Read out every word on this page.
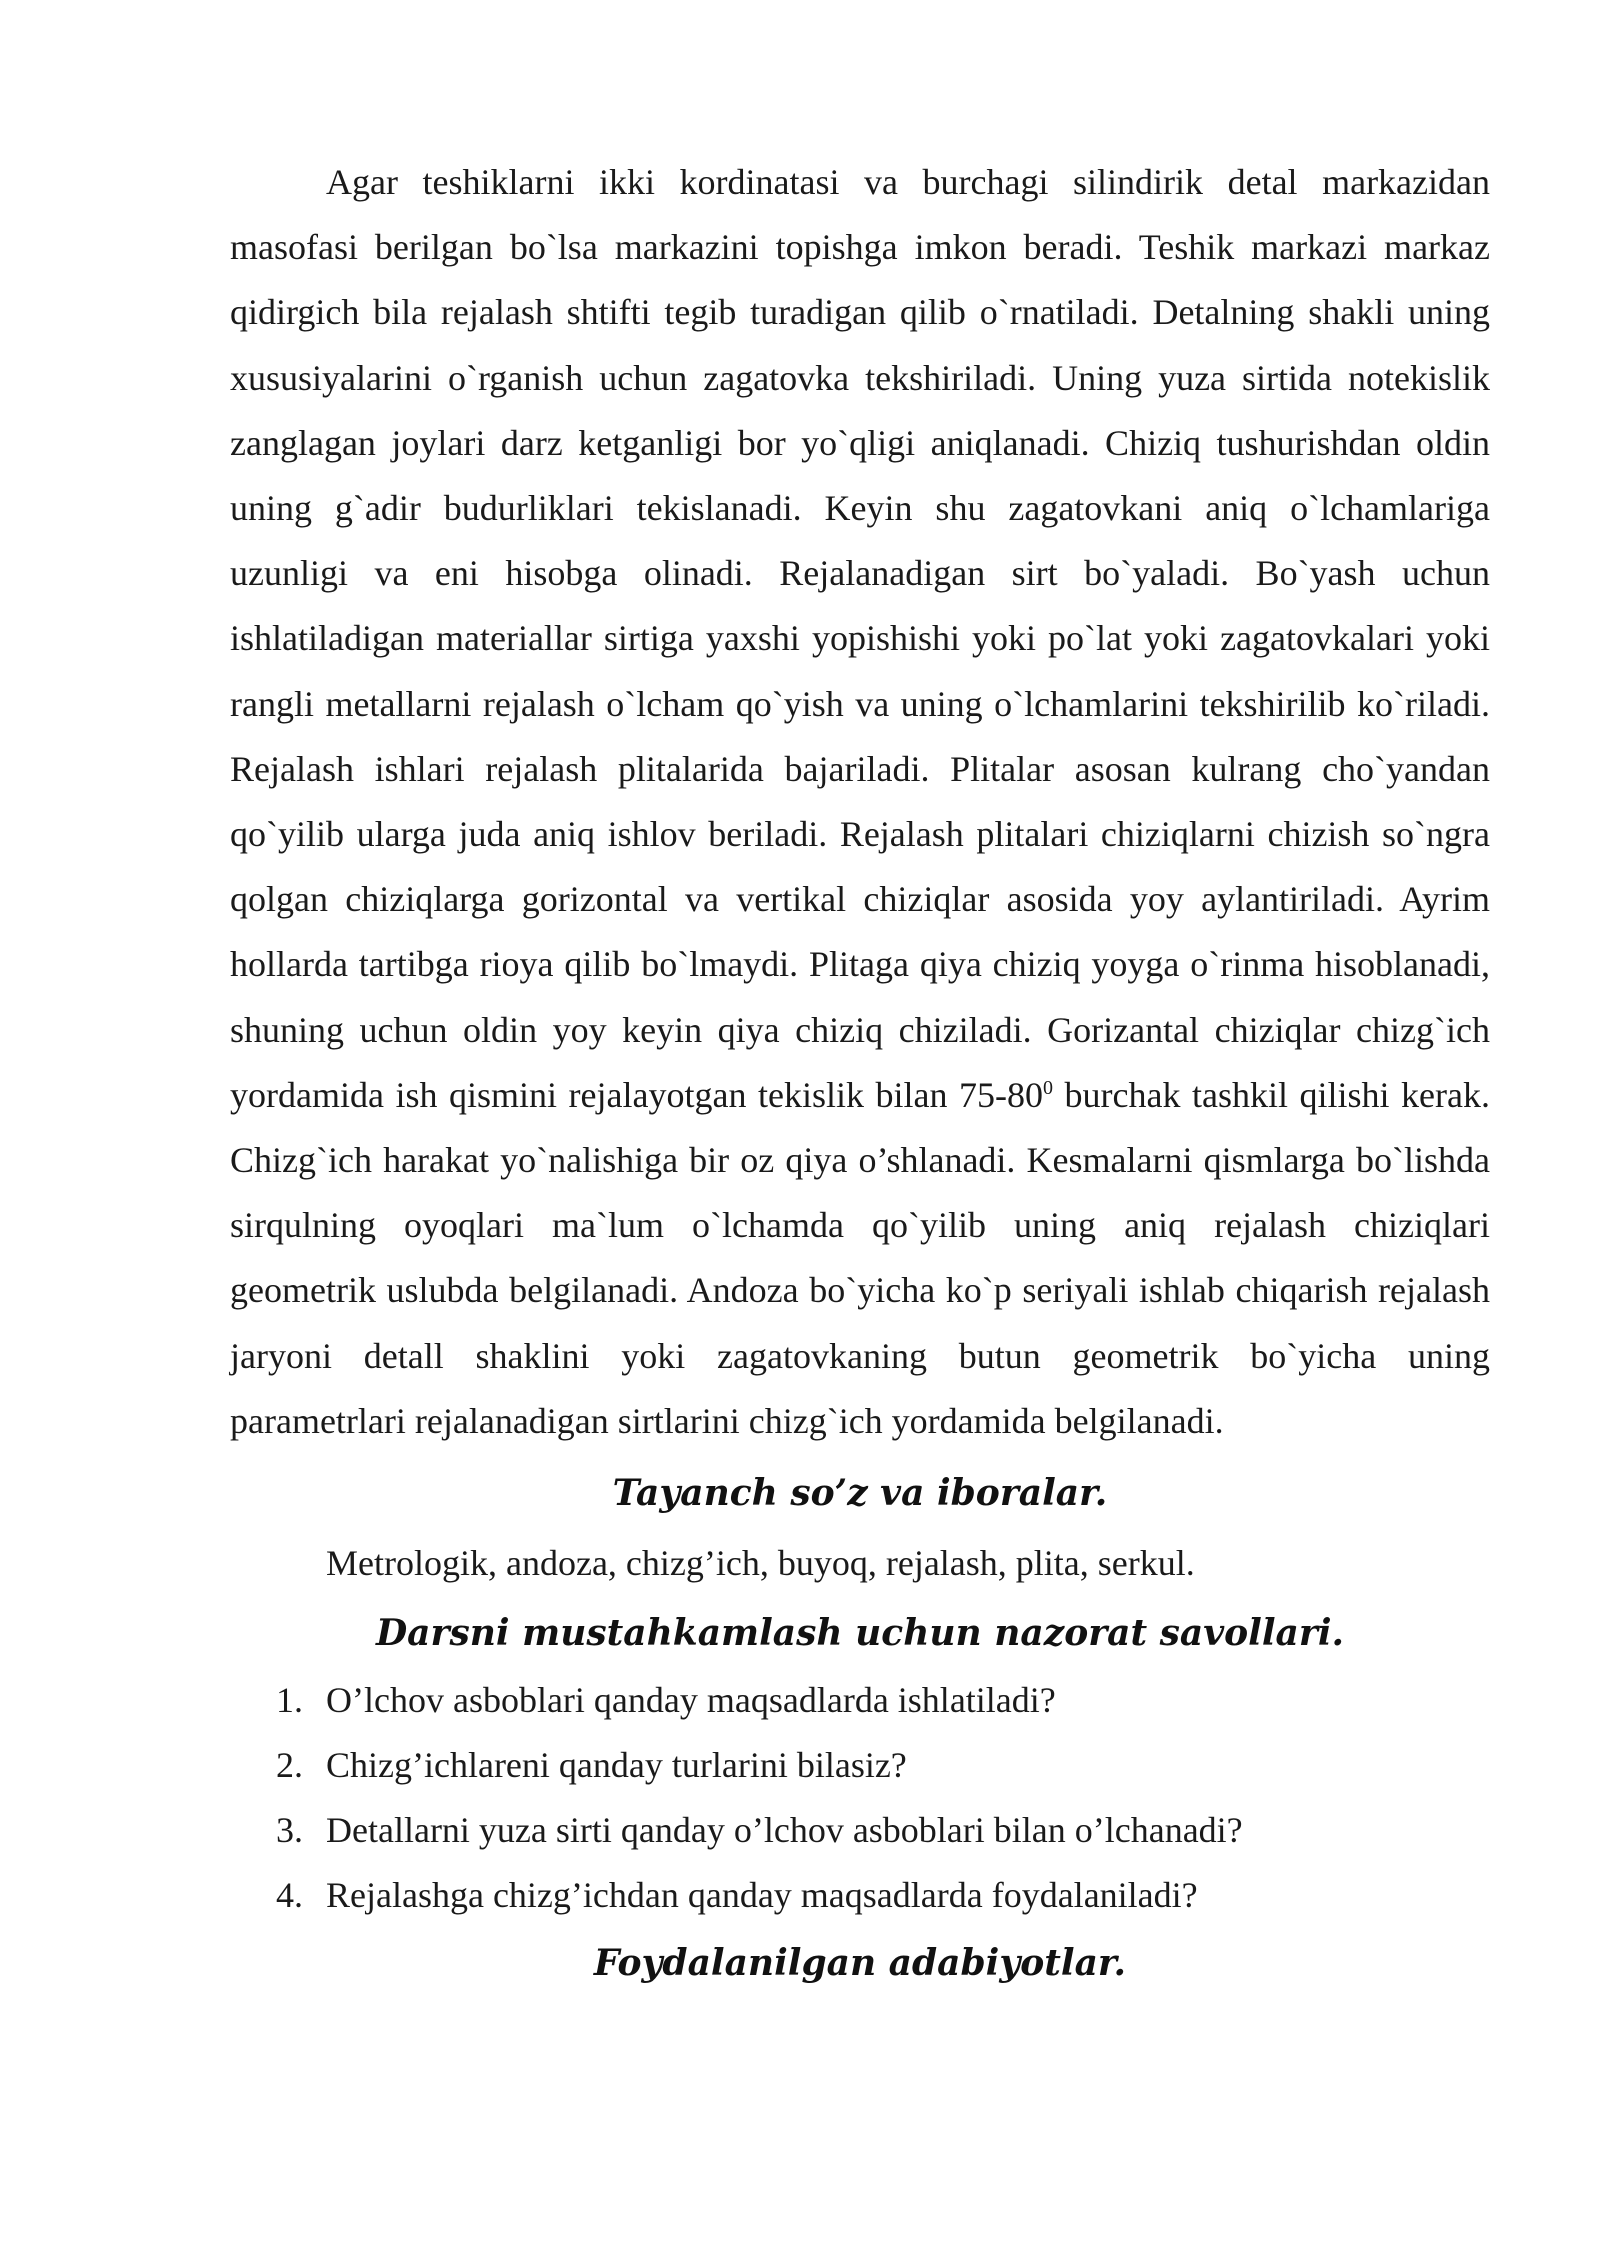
Agar teshiklarni ikki kordinatasi va burchagi silindirik detal markazidan masofasi berilgan bo`lsa markazini topishga imkon beradi. Teshik markazi markaz qidirgich bila rejalash shtifti tegib turadigan qilib o`rnatiladi. Detalning shakli uning xususiyalarini o`rganish uchun zagatovka tekshiriladi. Uning yuza sirtida notekislik zanglagan joylari darz ketganligi bor yo`qligi aniqlanadi. Chiziq tushurishdan oldin uning g`adir budurliklari tekislanadi. Keyin shu zagatovkani aniq o`lchamlariga uzunligi va eni hisobga olinadi. Rejalanadigan sirt bo`yaladi. Bo`yash uchun ishlatiladigan materiallar sirtiga yaxshi yopishishi yoki po`lat yoki zagatovkalari yoki rangli metallarni rejalash o`lcham qo`yish va uning o`lchamlarini tekshirilib ko`riladi. Rejalash ishlari rejalash plitalarida bajariladi. Plitalar asosan kulrang cho`yandan qo`yilib ularga juda aniq ishlov beriladi. Rejalash plitalari chiziqlarni chizish so`ngra qolgan chiziqlarga gorizontal va vertikal chiziqlar asosida yoy aylantiriladi. Ayrim hollarda tartibga rioya qilib bo`lmaydi. Plitaga qiya chiziq yoyga o`rinma hisoblanadi, shuning uchun oldin yoy keyin qiya chiziq chiziladi. Gorizantal chiziqlar chizg`ich yordamida ish qismini rejalayotgan tekislik bilan $75-80^0$ burchak tashkil qilishi kerak. Chizg`ich harakat yo`nalishiga bir oz qiya o’shlanadi. Kesmalarni qismlarga bo`lishda sirqulning oyoqlari ma`lum o`lchamda qo`yilib uning aniq rejalash chiziqlari geometrik uslubda belgilanadi. Andoza bo`yicha ko`p seriyali ishlab chiqarish rejalash jaryoni detall shaklini yoki zagatovkaning butun geometrik bo`yicha uning parametrlari rejalanadigan sirtlarini chizg`ich yordamida belgilanadi.

Tayanch so’z va iboralar.

Metrologik, andoza, chizg’ich, buyoq, rejalash, plita, serkul.

Darsni mustahkamlash uchun nazorat savollari.
1. O’lchov asboblari qanday maqsadlarda ishlatiladi?
2. Chizg’ichlareni qanday turlarini bilasiz?
3. Detallarni yuza sirti qanday o’lchov asboblari bilan o’lchanadi?
4. Rejalashga chizg’ichdan qanday maqsadlarda foydalaniladi?
Foydalanilgan adabiyotlar.
